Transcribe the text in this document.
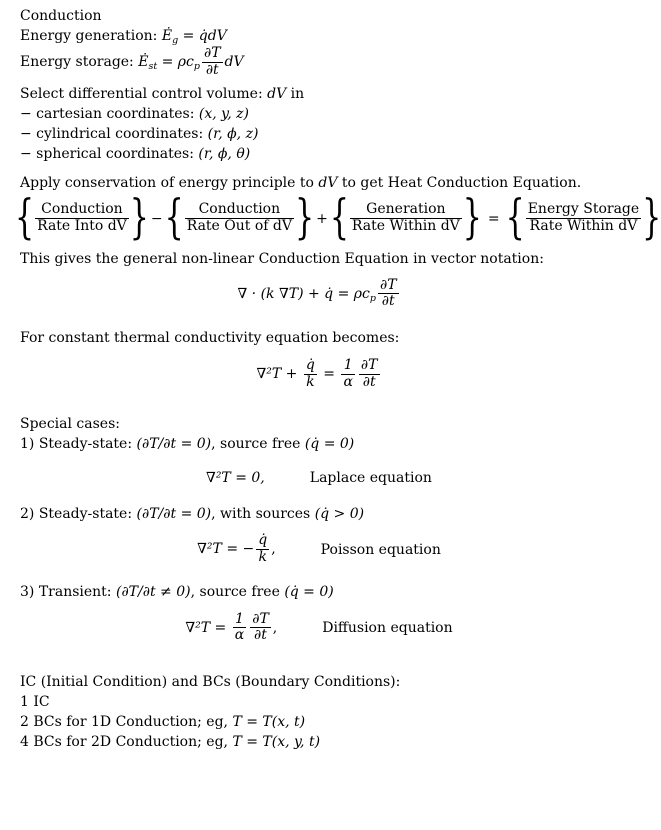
Conduction
Energy generation: $Ė_g$ = q̇dV
Energy storage: $Ė_{st} = \rho c_p \frac{\partial T}{\partial t}$ dV
Select differential control volume: dV in
− cartesian coordinates: (x, y, z)
− cylindrical coordinates: (r, ϕ, z)
− spherical coordinates: (r, ϕ, θ)
Apply conservation of energy principle to dV to get Heat Conduction Equation.
{ $\frac{\text{Conduction}}{\text{Rate Into dV}}$ } −{ $\frac{\text{Conduction}}{\text{Rate Out of dV}}$ } +{ $\frac{\text{Generation}}{\text{Rate Within dV}}$ } = { $\frac{\text{Energy Storage}}{\text{Rate Within dV}}$ }
This gives the general non-linear Conduction Equation in vector notation:
∇ · (k ∇T) + q̇ = $\rho c_p \frac{\partial T}{\partial t}$
For constant thermal conductivity equation becomes:
$\nabla^2T + \frac{q̇}{k} = \frac{1}{\alpha} \frac{\partial T}{\partial t}$
Special cases:
1) Steady-state: (∂T/∂t = 0), source free (q̇ = 0)
∇²T = 0,	Laplace equation
2) Steady-state: (∂T/∂t = 0), with sources (q̇ > 0)
∇²T = − $\frac{q̇}{k}$ ,	Poisson equation
3) Transient: (∂T/∂t ≠ 0), source free (q̇ = 0)
$\nabla^2T = \frac{1}{\alpha} \frac{\partial T}{\partial t}$ ,	Diffusion equation
IC (Initial Condition) and BCs (Boundary Conditions):
1 IC
2 BCs for 1D Conduction; eg, T = T(x, t)
4 BCs for 2D Conduction; eg, T = T(x, y, t)
